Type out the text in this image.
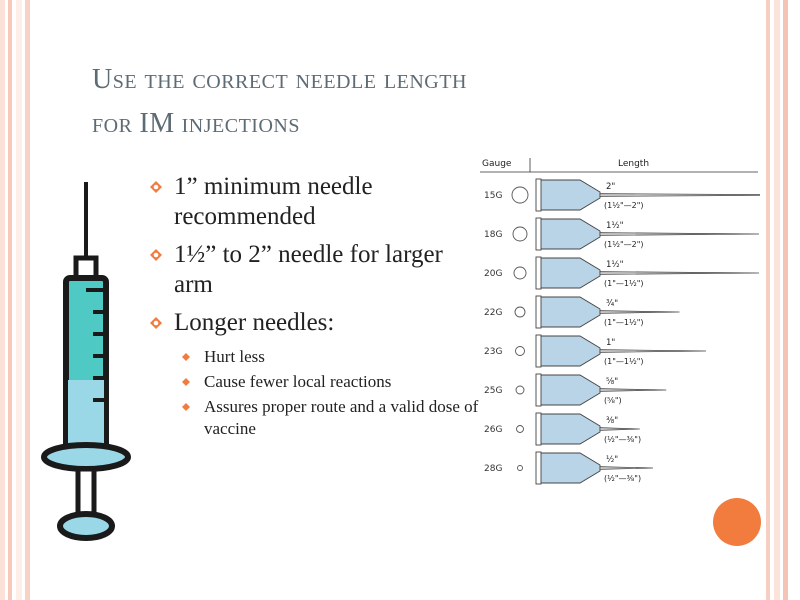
Use the correct needle length
for IM injections
1” minimum needle recommended
1½” to 2” needle for larger arm
Longer needles:
Hurt less
Cause fewer local reactions
Assures proper route and a valid dose of vaccine
Gauge	Length
15G
2"
(1½"—2")
18G
1½"
(1½"—2")
20G
1½"
(1"—1½")
22G
¾"
(1"—1½")
23G
1"
(1"—1½")
25G
⅝"
(⅝")
26G
⅜"
(½"—⅜")
28G
½"
(½"—⅜")
